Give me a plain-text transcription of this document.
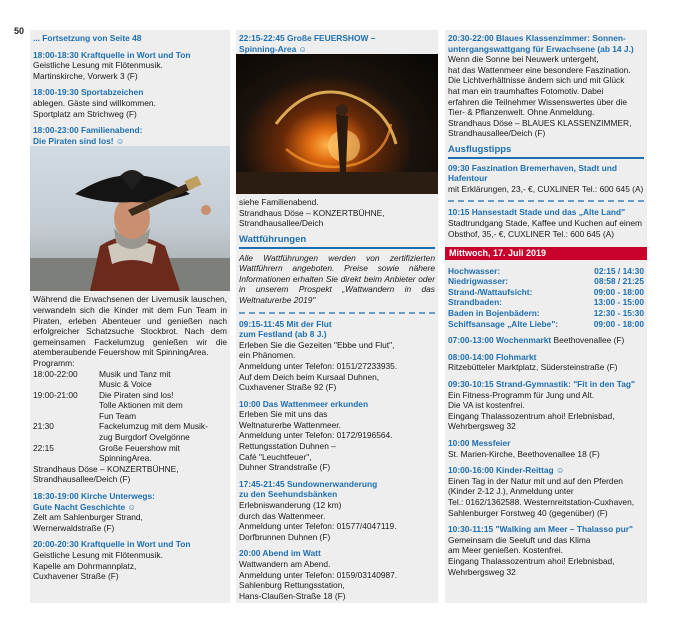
50
... Fortsetzung von Seite 48
18:00-18:30 Kraftquelle in Wort und Ton
Geistliche Lesung mit Flötenmusik.
Martinskirche, Vorwerk 3 (F)
18:00-19:30 Sportabzeichen
ablegen. Gäste sind willkommen.
Sportplatz am Strichweg (F)
18:00-23:00 Familienabend:
Die Piraten sind los! ☺
Während die Erwachsenen der Livemusik lauschen, verwandeln sich die Kinder mit dem Fun Team in Piraten, erleben Abenteuer und genießen nach erfolgreicher Schatzsuche Stockbrot. Nach dem gemeinsamen Fackelumzug genießen wir die atemberaubende Feuershow mit SpinningArea.
Programm:
18:00-22:00	Musik und Tanz mit
Music & Voice
19:00-21:00	Die Piraten sind los!
Tolle Aktionen mit dem
Fun Team
21:30	Fackelumzug mit dem Musik-
zug Burgdorf Ovelgönne
22:15	Große Feuershow mit
SpinningArea.
Strandhaus Döse – KONZERTBÜHNE,
Strandhausallee/Deich (F)
18:30-19:00 Kirche Unterwegs:
Gute Nacht Geschichte ☺
Zelt am Sahlenburger Strand,
Wernerwaldstraße (F)
20:00-20:30 Kraftquelle in Wort und Ton
Geistliche Lesung mit Flötenmusik.
Kapelle am Dohrmannplatz,
Cuxhavener Straße (F)
22:15-22:45 Große FEUERSHOW –
Spinning-Area ☺
siehe Familienabend.
Strandhaus Döse – KONZERTBÜHNE,
Strandhausallee/Deich
Wattführungen
Alle Wattführungen werden von zertifizierten Wattführern angeboten. Preise sowie nähere Informationen erhalten Sie direkt beim Anbieter oder in unserem Prospekt „Wattwandern in das Weltnaturerbe 2019"
09:15-11:45 Mit der Flut
zum Festland (ab 8 J.)
Erleben Sie die Gezeiten "Ebbe und Flut",
ein Phänomen.
Anmeldung unter Telefon: 0151/27233935.
Auf dem Deich beim Kursaal Duhnen,
Cuxhavener Straße 92 (F)
10:00 Das Wattenmeer erkunden
Erleben Sie mit uns das
Weltnaturerbe Wattenmeer.
Anmeldung unter Telefon: 0172/9196564.
Rettungsstation Duhnen –
Café "Leuchtfeuer",
Duhner Strandstraße (F)
17:45-21:45 Sundownerwanderung
zu den Seehundsbänken
Erlebniswanderung (12 km)
durch das Wattenmeer.
Anmeldung unter Telefon: 01577/4047119.
Dorfbrunnen Duhnen (F)
20:00 Abend im Watt
Wattwandern am Abend.
Anmeldung unter Telefon: 0159/03140987.
Sahlenburg Rettungsstation,
Hans-Claußen-Straße 18 (F)
20:30-22:00 Blaues Klassenzimmer: Sonnen-
untergangswattgang für Erwachsene (ab 14 J.)
Wenn die Sonne bei Neuwerk untergeht,
hat das Wattenmeer eine besondere Faszination.
Die Lichtverhältnisse ändern sich und mit Glück
hat man ein traumhaftes Fotomotiv. Dabei
erfahren die Teilnehmer Wissenswertes über die
Tier- & Pflanzenwelt. Ohne Anmeldung.
Strandhaus Döse – BLAUES KLASSENZIMMER,
Strandhausallee/Deich (F)
Ausflugstipps
09:30 Faszination Bremerhaven, Stadt und Hafentour
mit Erklärungen, 23,- €, CUXLINER Tel.: 600 645 (A)
10:15 Hansestadt Stade und das „Alte Land"
Stadtrundgang Stade, Kaffee und Kuchen auf einem
Obsthof, 35,- €, CUXLINER Tel.: 600 645 (A)
Mittwoch, 17. Juli 2019
Hochwasser:	02:15 / 14:30
Niedrigwasser:	08:58 / 21:25
Strand-/Wattaufsicht:	09:00 - 18:00
Strandbaden:	13:00 - 15:00
Baden in Bojenbädern:	12:30 - 15:30
Schiffsansage „Alte Liebe":	09:00 - 18:00
07:00-13:00 Wochenmarkt Beethovenallee (F)
08:00-14:00 Flohmarkt
Ritzebütteler Marktplatz, Südersteinstraße (F)
09:30-10:15 Strand-Gymnastik: "Fit in den Tag"
Ein Fitness-Programm für Jung und Alt.
Die VA ist kostenfrei.
Eingang Thalassozentrum ahoi! Erlebnisbad,
Wehrbergsweg 32
10:00 Messfeier
St. Marien-Kirche, Beethovenallee 18 (F)
10:00-16:00 Kinder-Reittag ☺
Einen Tag in der Natur mit und auf den Pferden
(Kinder 2-12 J.), Anmeldung unter
Tel.: 0162/1362588. Westernreitstation-Cuxhaven,
Sahlenburger Forstweg 40 (gegenüber) (F)
10:30-11:15 "Walking am Meer – Thalasso pur"
Gemeinsam die Seeluft und das Klima
am Meer genießen. Kostenfrei.
Eingang Thalassozentrum ahoi! Erlebnisbad,
Wehrbergsweg 32
